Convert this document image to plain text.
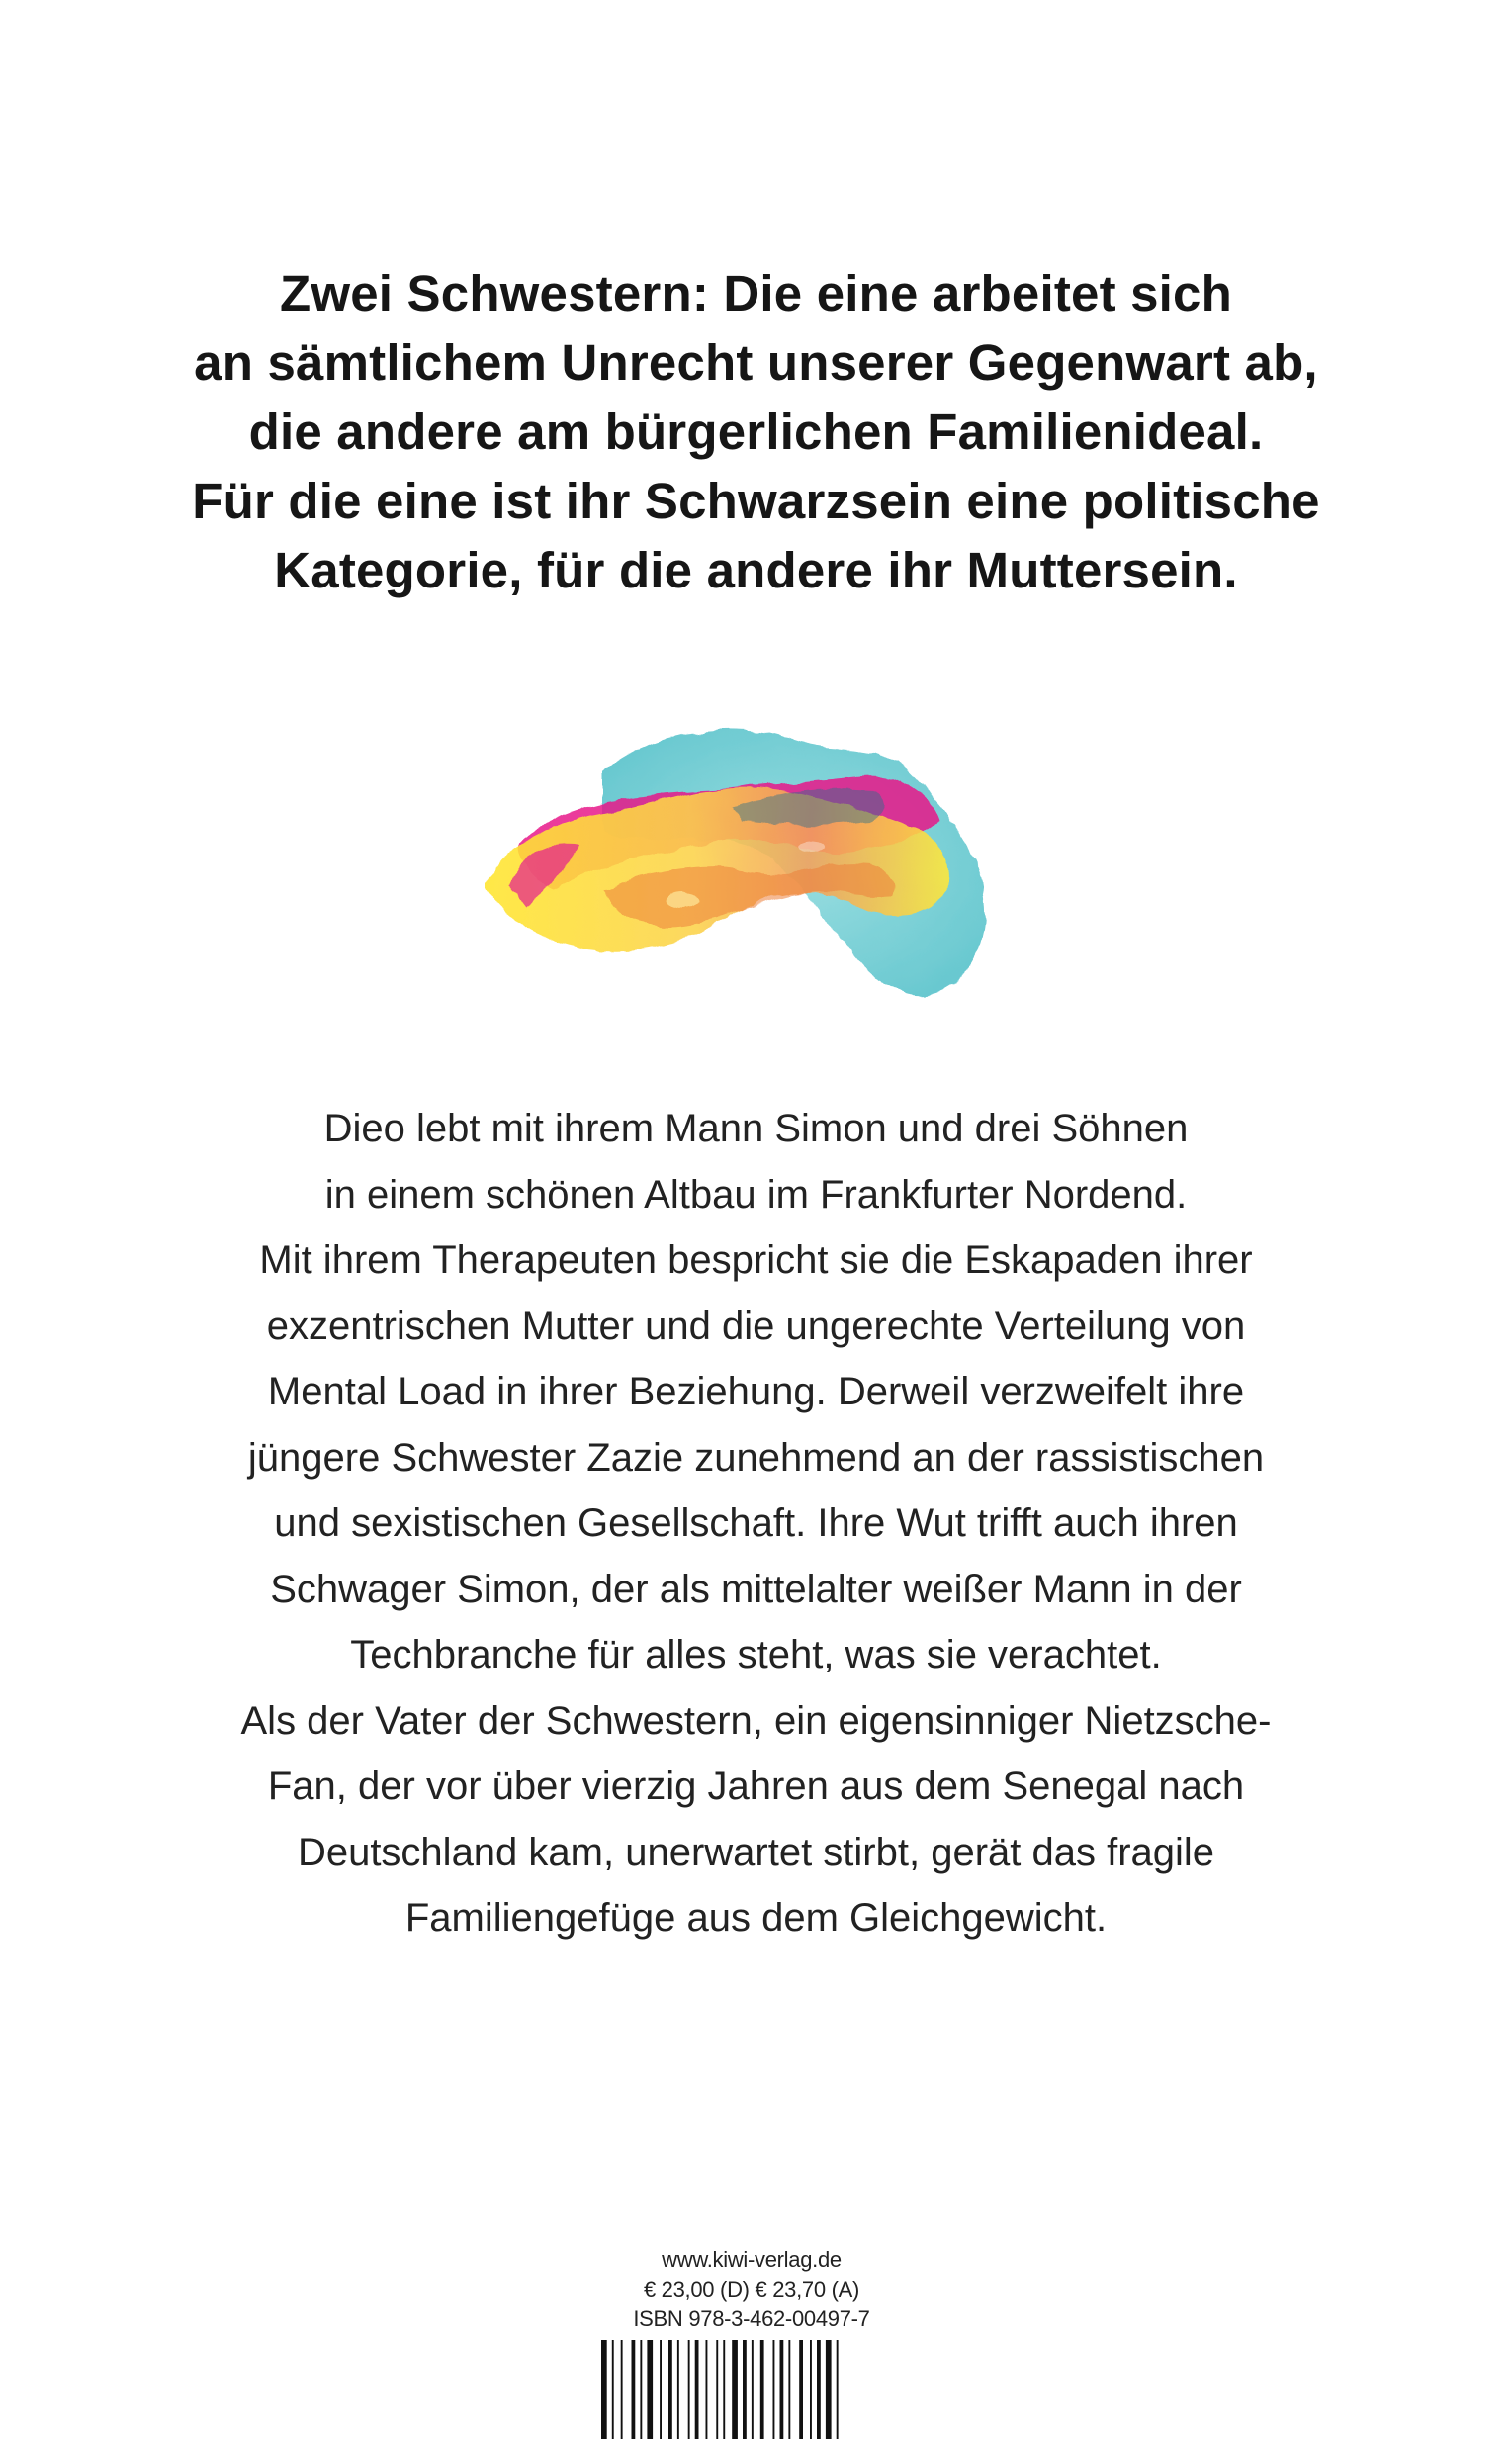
Zwei Schwestern: Die eine arbeitet sich
an sämtlichem Unrecht unserer Gegenwart ab,
die andere am bürgerlichen Familienideal.
Für die eine ist ihr Schwarzsein eine politische
Kategorie, für die andere ihr Muttersein.
Dieo lebt mit ihrem Mann Simon und drei Söhnen
in einem schönen Altbau im Frankfurter Nordend.
Mit ihrem Therapeuten bespricht sie die Eskapaden ihrer
exzentrischen Mutter und die ungerechte Verteilung von
Mental Load in ihrer Beziehung. Derweil verzweifelt ihre
jüngere Schwester Zazie zunehmend an der rassistischen
und sexistischen Gesellschaft. Ihre Wut trifft auch ihren
Schwager Simon, der als mittelalter weißer Mann in der
Techbranche für alles steht, was sie verachtet.
Als der Vater der Schwestern, ein eigensinniger Nietzsche-
Fan, der vor über vierzig Jahren aus dem Senegal nach
Deutschland kam, unerwartet stirbt, gerät das fragile
Familiengefüge aus dem Gleichgewicht.
www.kiwi-verlag.de
€ 23,00 (D) € 23,70 (A)
ISBN 978-3-462-00497-7
